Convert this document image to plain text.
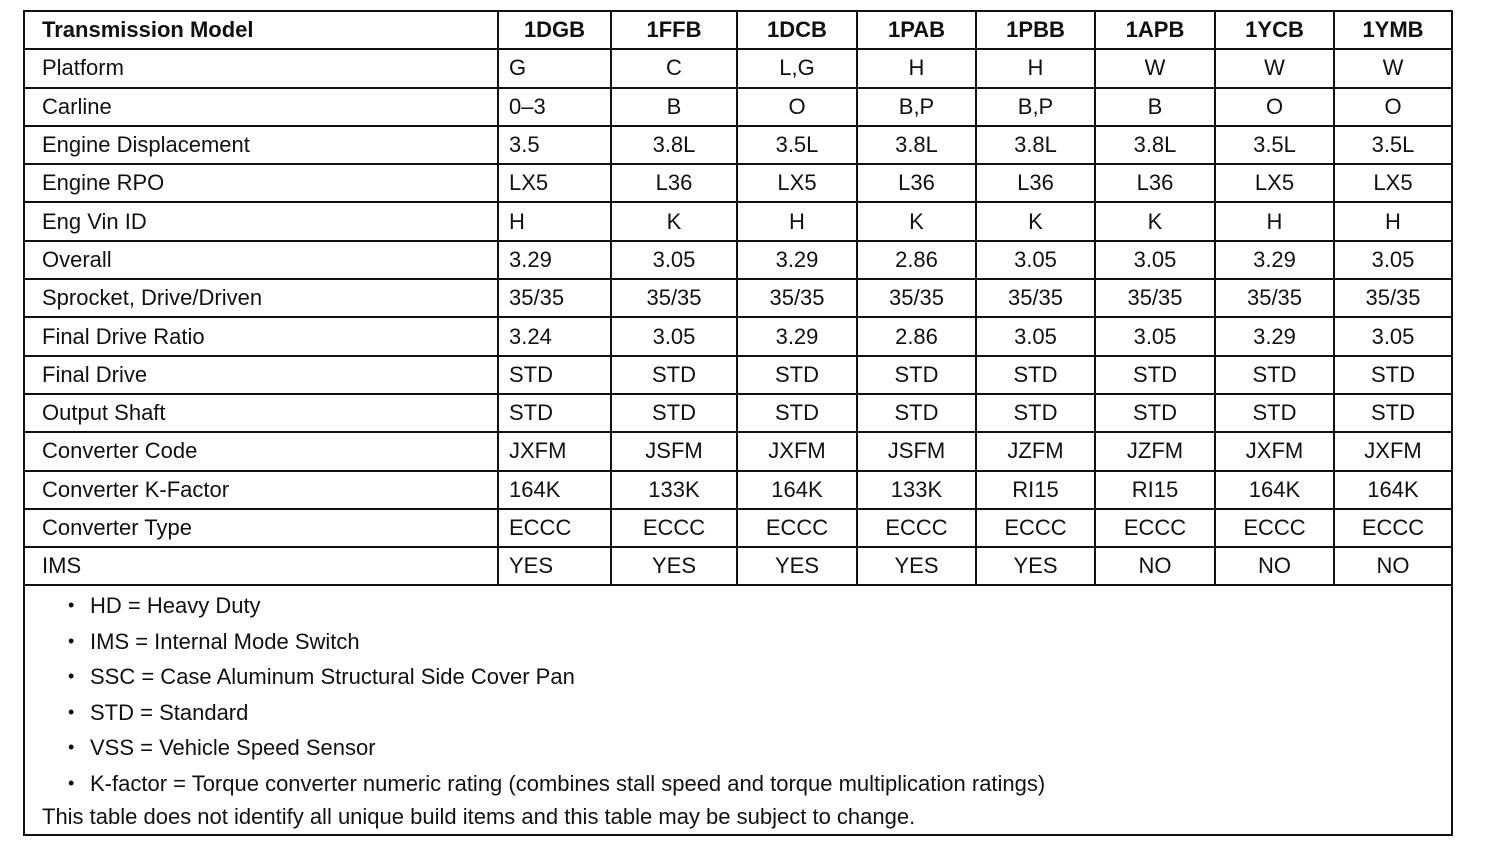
Transmission Model	1DGB	1FFB	1DCB	1PAB	1PBB	1APB	1YCB	1YMB
Platform	G	C	L,G	H	H	W	W	W
Carline	0–3	B	O	B,P	B,P	B	O	O
Engine Displacement	3.5	3.8L	3.5L	3.8L	3.8L	3.8L	3.5L	3.5L
Engine RPO	LX5	L36	LX5	L36	L36	L36	LX5	LX5
Eng Vin ID	H	K	H	K	K	K	H	H
Overall	3.29	3.05	3.29	2.86	3.05	3.05	3.29	3.05
Sprocket, Drive/Driven	35/35	35/35	35/35	35/35	35/35	35/35	35/35	35/35
Final Drive Ratio	3.24	3.05	3.29	2.86	3.05	3.05	3.29	3.05
Final Drive	STD	STD	STD	STD	STD	STD	STD	STD
Output Shaft	STD	STD	STD	STD	STD	STD	STD	STD
Converter Code	JXFM	JSFM	JXFM	JSFM	JZFM	JZFM	JXFM	JXFM
Converter K-Factor	164K	133K	164K	133K	RI15	RI15	164K	164K
Converter Type	ECCC	ECCC	ECCC	ECCC	ECCC	ECCC	ECCC	ECCC
IMS	YES	YES	YES	YES	YES	NO	NO	NO
• HD = Heavy Duty
• IMS = Internal Mode Switch
• SSC = Case Aluminum Structural Side Cover Pan
• STD = Standard
• VSS = Vehicle Speed Sensor
• K-factor = Torque converter numeric rating (combines stall speed and torque multiplication ratings)
This table does not identify all unique build items and this table may be subject to change.
